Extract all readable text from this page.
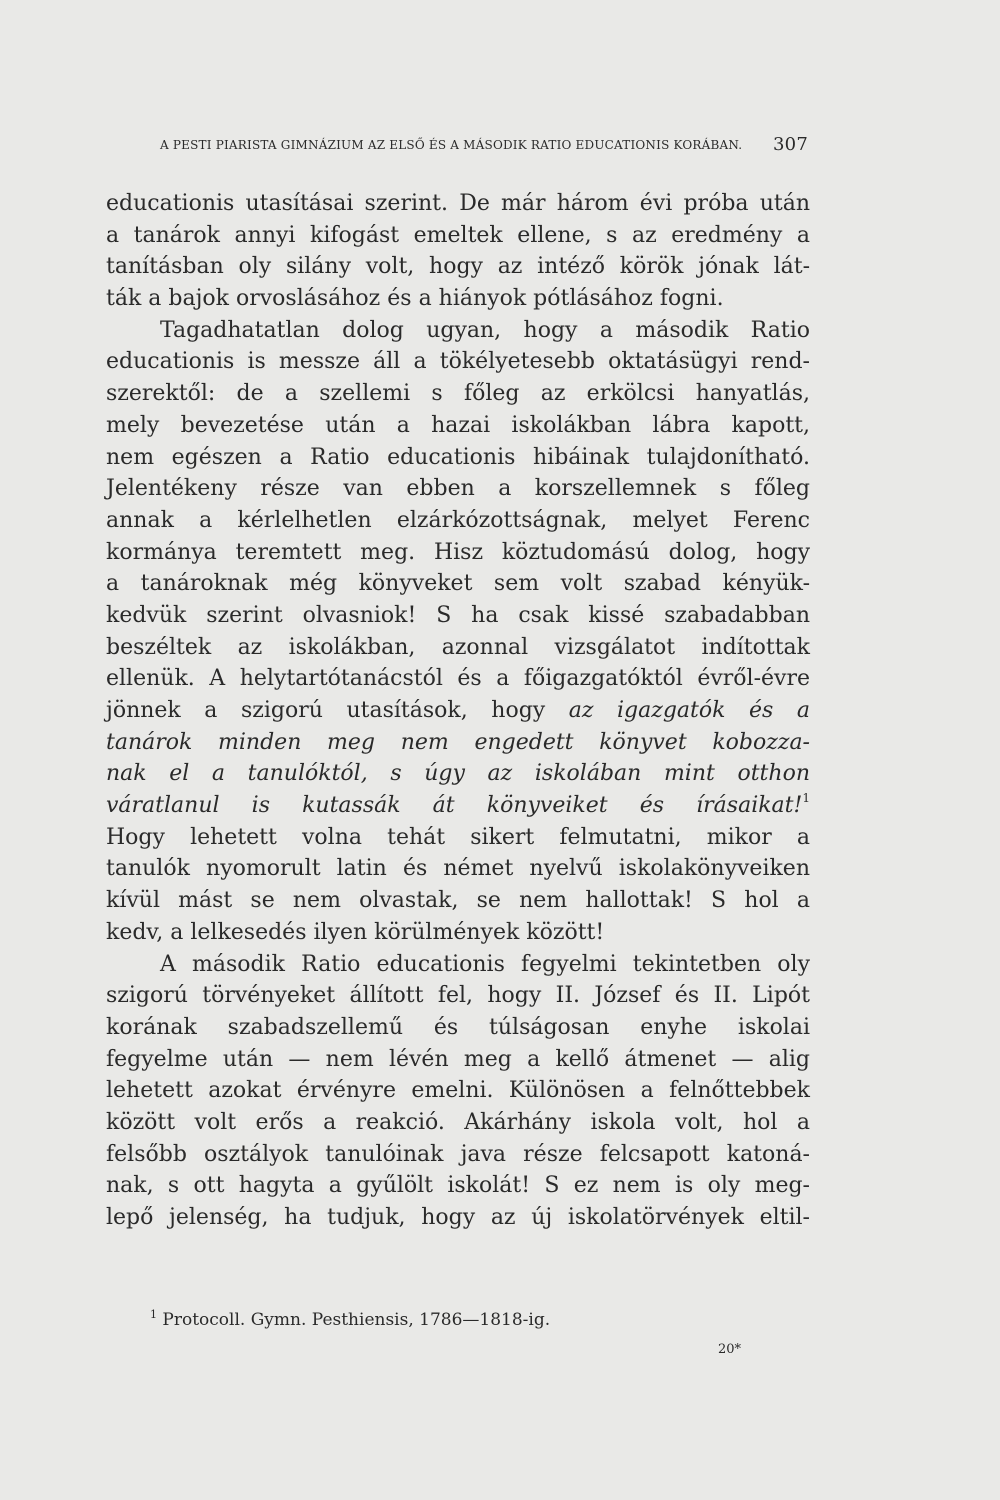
A PESTI PIARISTA GIMNÁZIUM AZ ELSŐ ÉS A MÁSODIK RATIO EDUCATIONIS KORÁBAN. 307
educationis utasításai szerint. De már három évi próba után
a tanárok annyi kifogást emeltek ellene, s az eredmény a
tanításban oly silány volt, hogy az intéző körök jónak lát-
ták a bajok orvoslásához és a hiányok pótlásához fogni.
Tagadhatatlan dolog ugyan, hogy a második Ratio
educationis is messze áll a tökélyetesebb oktatásügyi rend-
szerektől: de a szellemi s főleg az erkölcsi hanyatlás,
mely bevezetése után a hazai iskolákban lábra kapott,
nem egészen a Ratio educationis hibáinak tulajdonítható.
Jelentékeny része van ebben a korszellemnek s főleg
annak a kérlelhetlen elzárkózottságnak, melyet Ferenc
kormánya teremtett meg. Hisz köztudomású dolog, hogy
a tanároknak még könyveket sem volt szabad kényük-
kedvük szerint olvasniok! S ha csak kissé szabadabban
beszéltek az iskolákban, azonnal vizsgálatot indítottak
ellenük. A helytartótanácstól és a főigazgatóktól évről-évre
jönnek a szigorú utasítások, hogy az igazgatók és a
tanárok minden meg nem engedett könyvet kobozza-
nak el a tanulóktól, s úgy az iskolában mint otthon
váratlanul is kutassák át könyveiket és írásaikat!$^1$
Hogy lehetett volna tehát sikert felmutatni, mikor a
tanulók nyomorult latin és német nyelvű iskolakönyveiken
kívül mást se nem olvastak, se nem hallottak! S hol a
kedv, a lelkesedés ilyen körülmények között!
A második Ratio educationis fegyelmi tekintetben oly
szigorú törvényeket állított fel, hogy II. József és II. Lipót
korának szabadszellemű és túlságosan enyhe iskolai
fegyelme után — nem lévén meg a kellő átmenet — alig
lehetett azokat érvényre emelni. Különösen a felnőttebbek
között volt erős a reakció. Akárhány iskola volt, hol a
felsőbb osztályok tanulóinak java része felcsapott katoná-
nak, s ott hagyta a gyűlölt iskolát! S ez nem is oly meg-
lepő jelenség, ha tudjuk, hogy az új iskolatörvények eltil-
$^1$ Protocoll. Gymn. Pesthiensis, 1786—1818-ig.
20*
